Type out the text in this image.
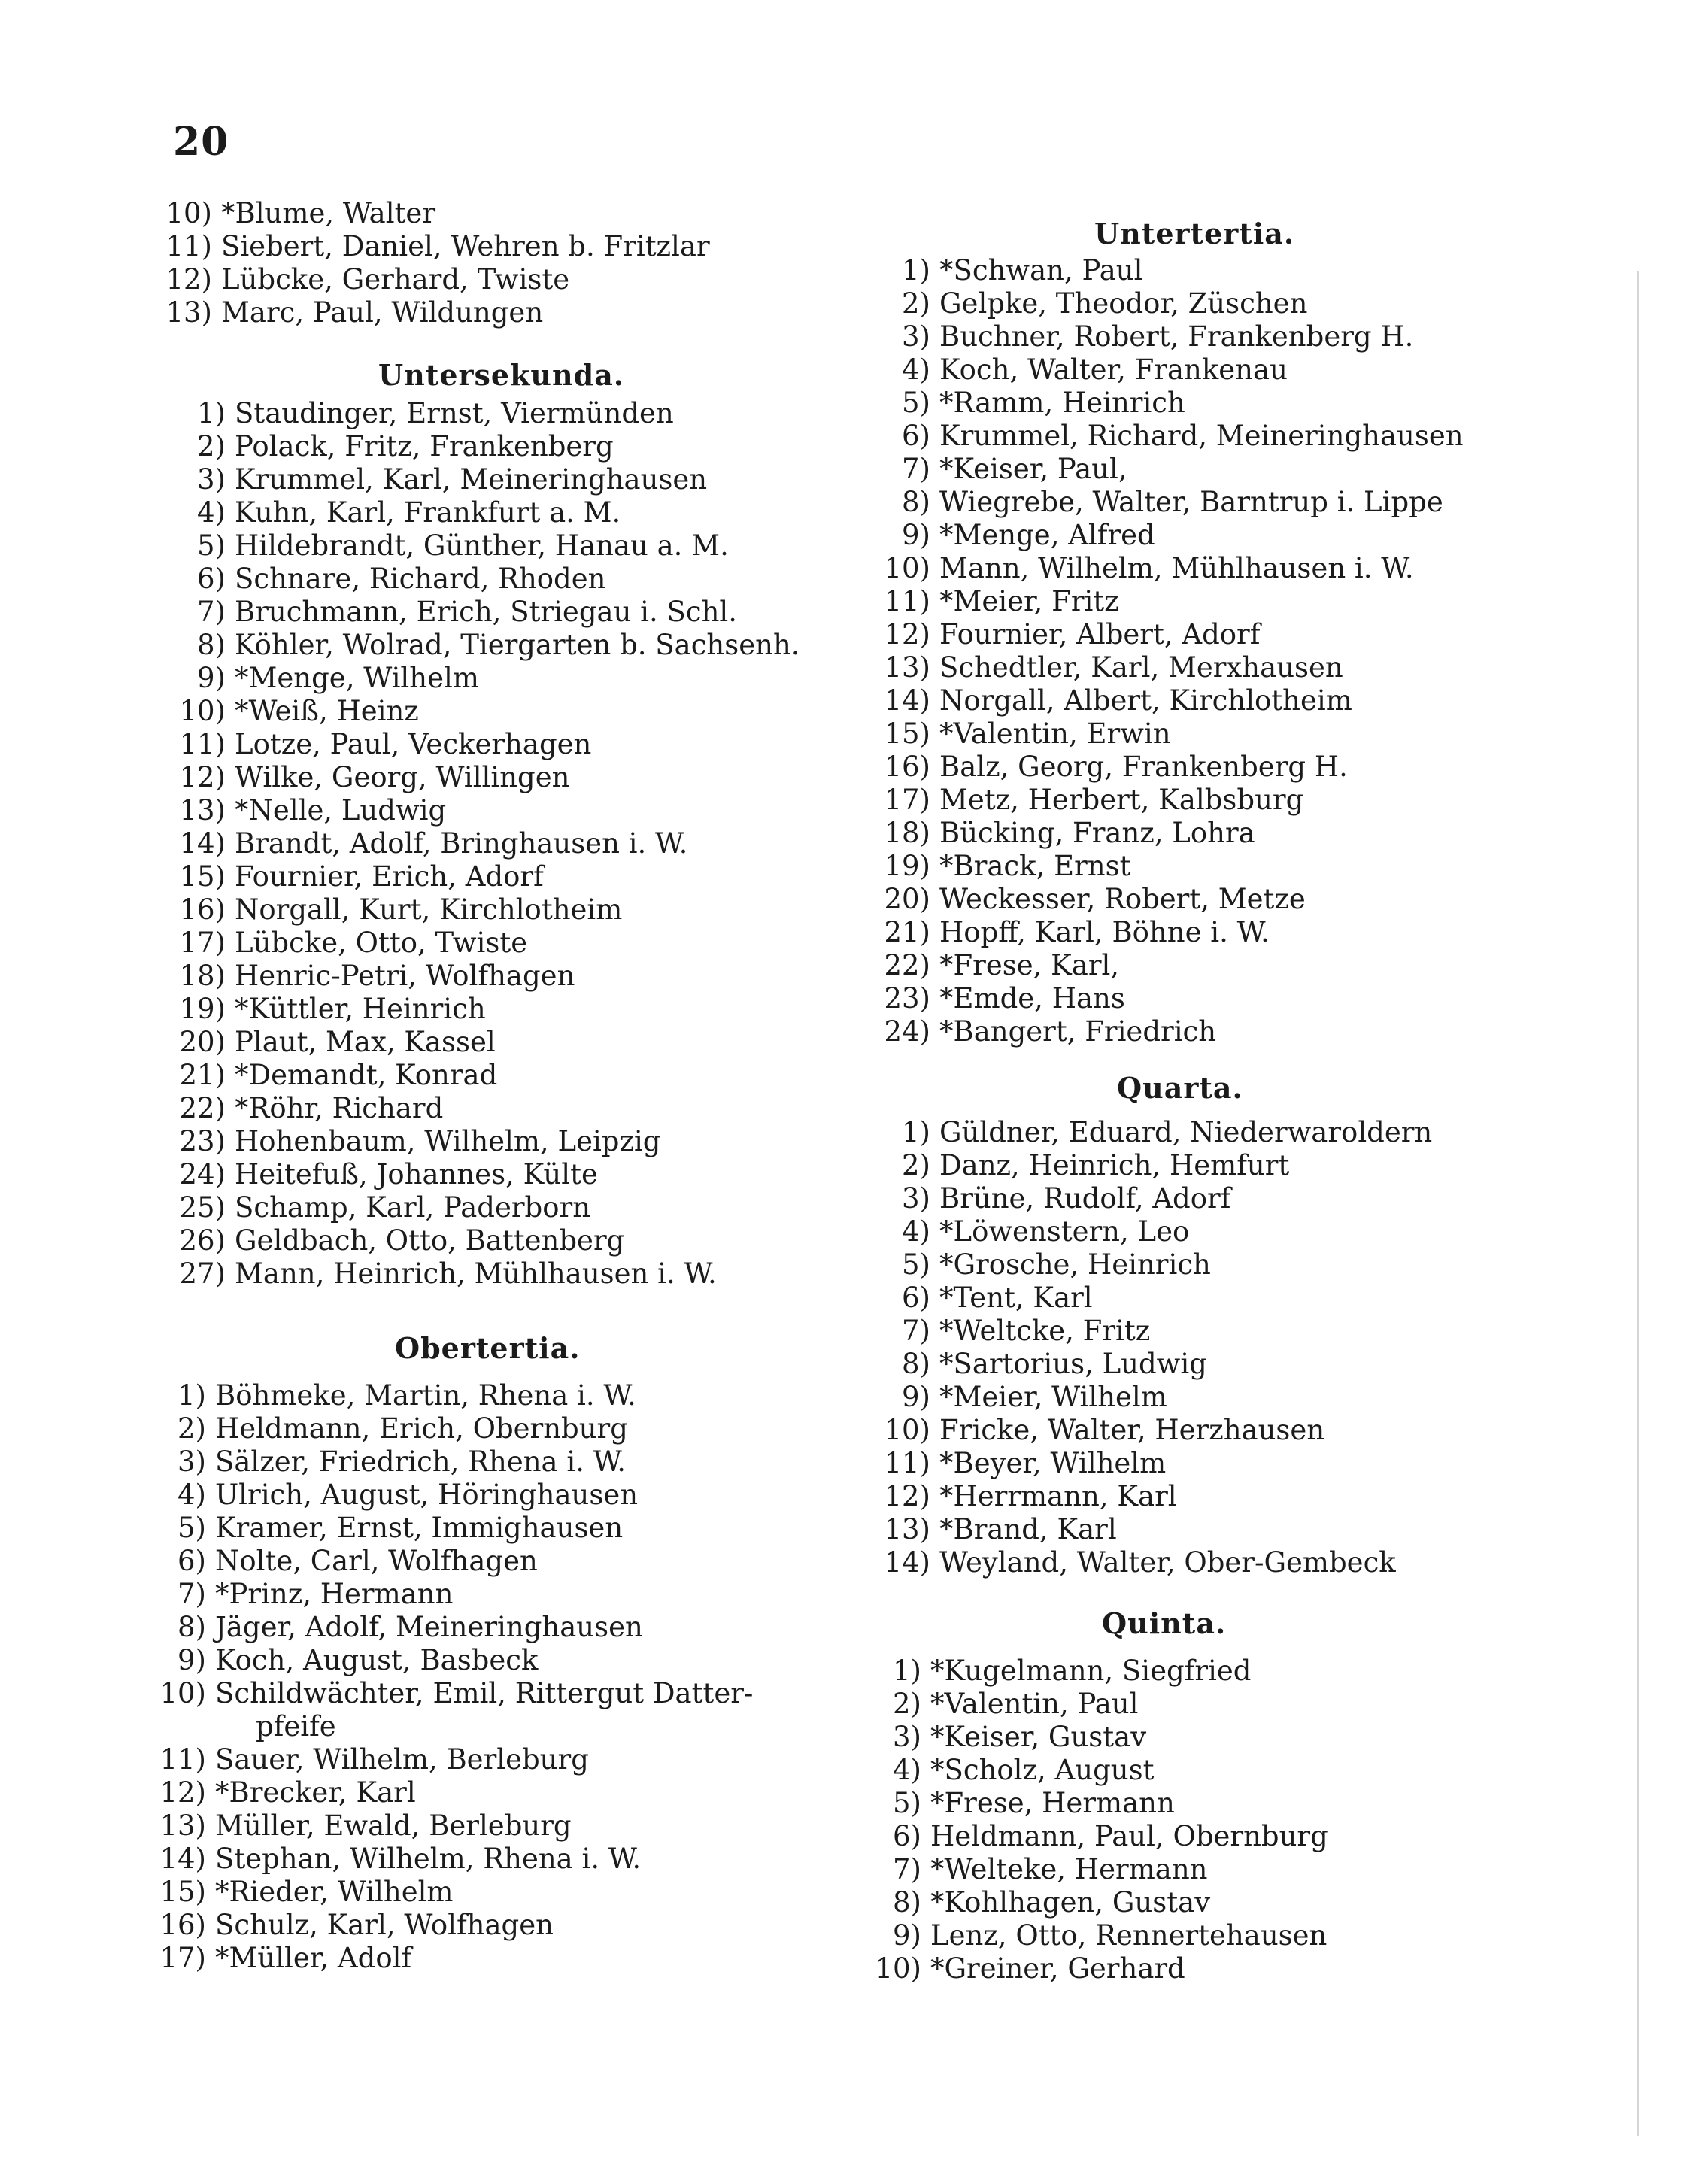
20
10) *Blume, Walter
11) Siebert, Daniel, Wehren b. Fritzlar
12) Lübcke, Gerhard, Twiste
13) Marc, Paul, Wildungen
Untersekunda.
1) Staudinger, Ernst, Viermünden
2) Polack, Fritz, Frankenberg
3) Krummel, Karl, Meineringhausen
4) Kuhn, Karl, Frankfurt a. M.
5) Hildebrandt, Günther, Hanau a. M.
6) Schnare, Richard, Rhoden
7) Bruchmann, Erich, Striegau i. Schl.
8) Köhler, Wolrad, Tiergarten b. Sachsenh.
9) *Menge, Wilhelm
10) *Weiß, Heinz
11) Lotze, Paul, Veckerhagen
12) Wilke, Georg, Willingen
13) *Nelle, Ludwig
14) Brandt, Adolf, Bringhausen i. W.
15) Fournier, Erich, Adorf
16) Norgall, Kurt, Kirchlotheim
17) Lübcke, Otto, Twiste
18) Henric-Petri, Wolfhagen
19) *Küttler, Heinrich
20) Plaut, Max, Kassel
21) *Demandt, Konrad
22) *Röhr, Richard
23) Hohenbaum, Wilhelm, Leipzig
24) Heitefuß, Johannes, Külte
25) Schamp, Karl, Paderborn
26) Geldbach, Otto, Battenberg
27) Mann, Heinrich, Mühlhausen i. W.
Obertertia.
1) Böhmeke, Martin, Rhena i. W.
2) Heldmann, Erich, Obernburg
3) Sälzer, Friedrich, Rhena i. W.
4) Ulrich, August, Höringhausen
5) Kramer, Ernst, Immighausen
6) Nolte, Carl, Wolfhagen
7) *Prinz, Hermann
8) Jäger, Adolf, Meineringhausen
9) Koch, August, Basbeck
10) Schildwächter, Emil, Rittergut Datter-
pfeife
11) Sauer, Wilhelm, Berleburg
12) *Brecker, Karl
13) Müller, Ewald, Berleburg
14) Stephan, Wilhelm, Rhena i. W.
15) *Rieder, Wilhelm
16) Schulz, Karl, Wolfhagen
17) *Müller, Adolf
Untertertia.
1) *Schwan, Paul
2) Gelpke, Theodor, Züschen
3) Buchner, Robert, Frankenberg H.
4) Koch, Walter, Frankenau
5) *Ramm, Heinrich
6) Krummel, Richard, Meineringhausen
7) *Keiser, Paul,
8) Wiegrebe, Walter, Barntrup i. Lippe
9) *Menge, Alfred
10) Mann, Wilhelm, Mühlhausen i. W.
11) *Meier, Fritz
12) Fournier, Albert, Adorf
13) Schedtler, Karl, Merxhausen
14) Norgall, Albert, Kirchlotheim
15) *Valentin, Erwin
16) Balz, Georg, Frankenberg H.
17) Metz, Herbert, Kalbsburg
18) Bücking, Franz, Lohra
19) *Brack, Ernst
20) Weckesser, Robert, Metze
21) Hopff, Karl, Böhne i. W.
22) *Frese, Karl,
23) *Emde, Hans
24) *Bangert, Friedrich
Quarta.
1) Güldner, Eduard, Niederwaroldern
2) Danz, Heinrich, Hemfurt
3) Brüne, Rudolf, Adorf
4) *Löwenstern, Leo
5) *Grosche, Heinrich
6) *Tent, Karl
7) *Weltcke, Fritz
8) *Sartorius, Ludwig
9) *Meier, Wilhelm
10) Fricke, Walter, Herzhausen
11) *Beyer, Wilhelm
12) *Herrmann, Karl
13) *Brand, Karl
14) Weyland, Walter, Ober-Gembeck
Quinta.
1) *Kugelmann, Siegfried
2) *Valentin, Paul
3) *Keiser, Gustav
4) *Scholz, August
5) *Frese, Hermann
6) Heldmann, Paul, Obernburg
7) *Welteke, Hermann
8) *Kohlhagen, Gustav
9) Lenz, Otto, Rennertehausen
10) *Greiner, Gerhard
